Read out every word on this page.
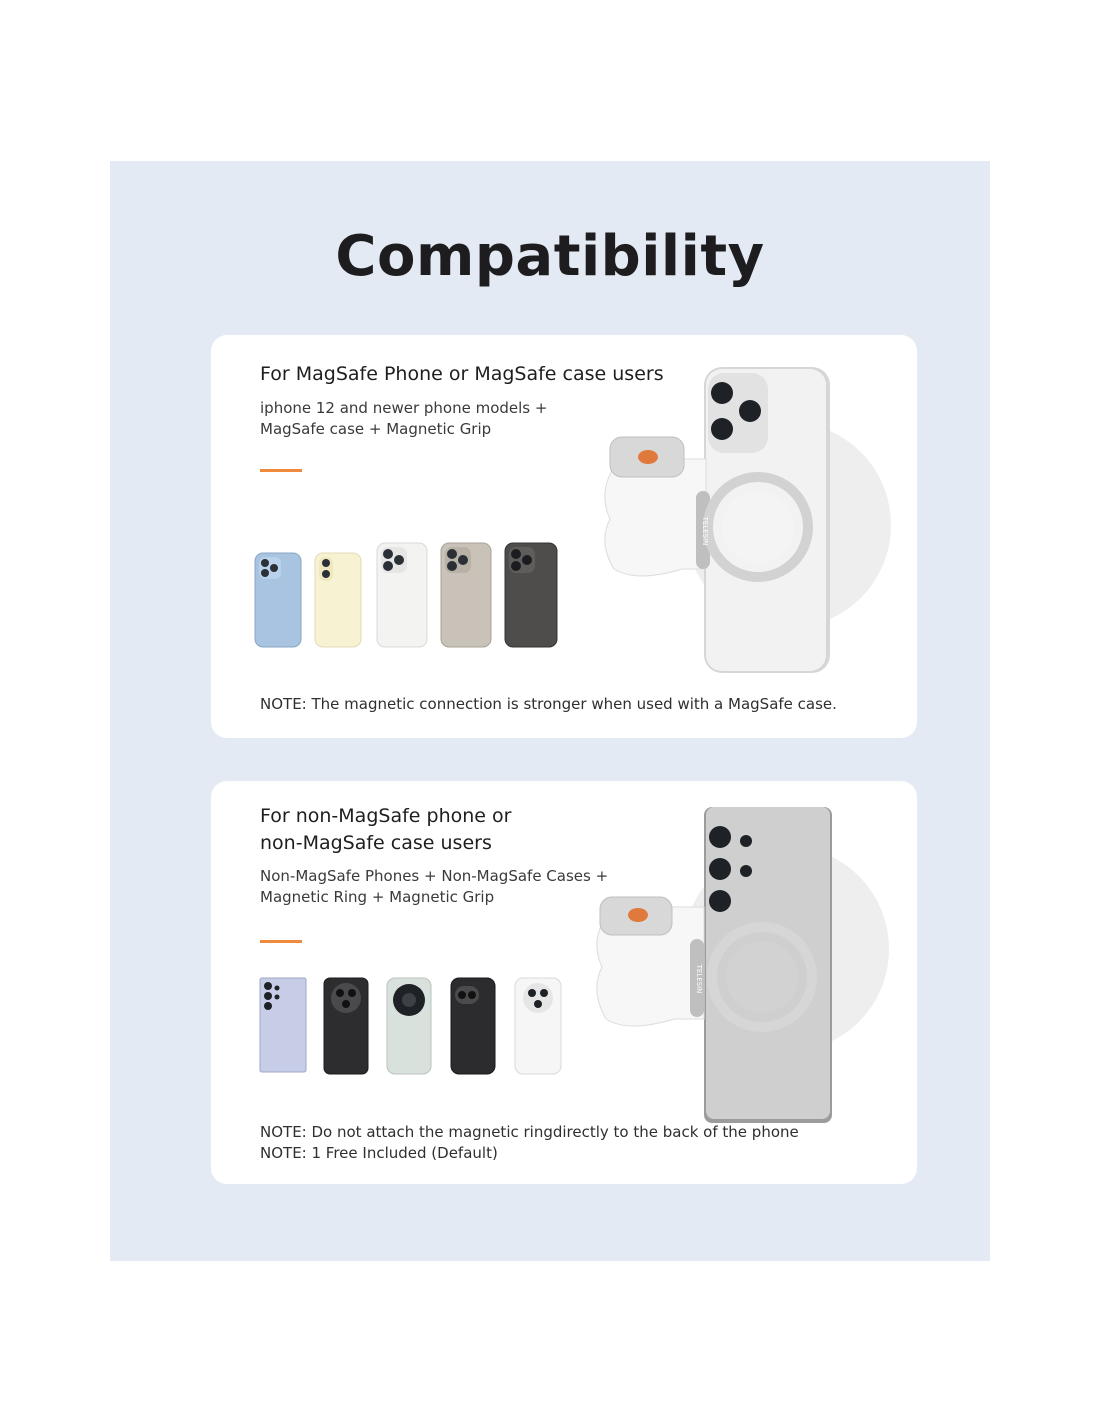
Compatibility
For MagSafe Phone or MagSafe case users
iphone 12 and newer phone models +
MagSafe case + Magnetic Grip
TELESIN
NOTE: The magnetic connection is stronger when used with a MagSafe case.
For non-MagSafe phone or
non-MagSafe case users
Non-MagSafe Phones + Non-MagSafe Cases +
Magnetic Ring + Magnetic Grip
TELESIN
NOTE: Do not attach the magnetic ringdirectly to the back of the phone
NOTE: 1 Free Included (Default)
